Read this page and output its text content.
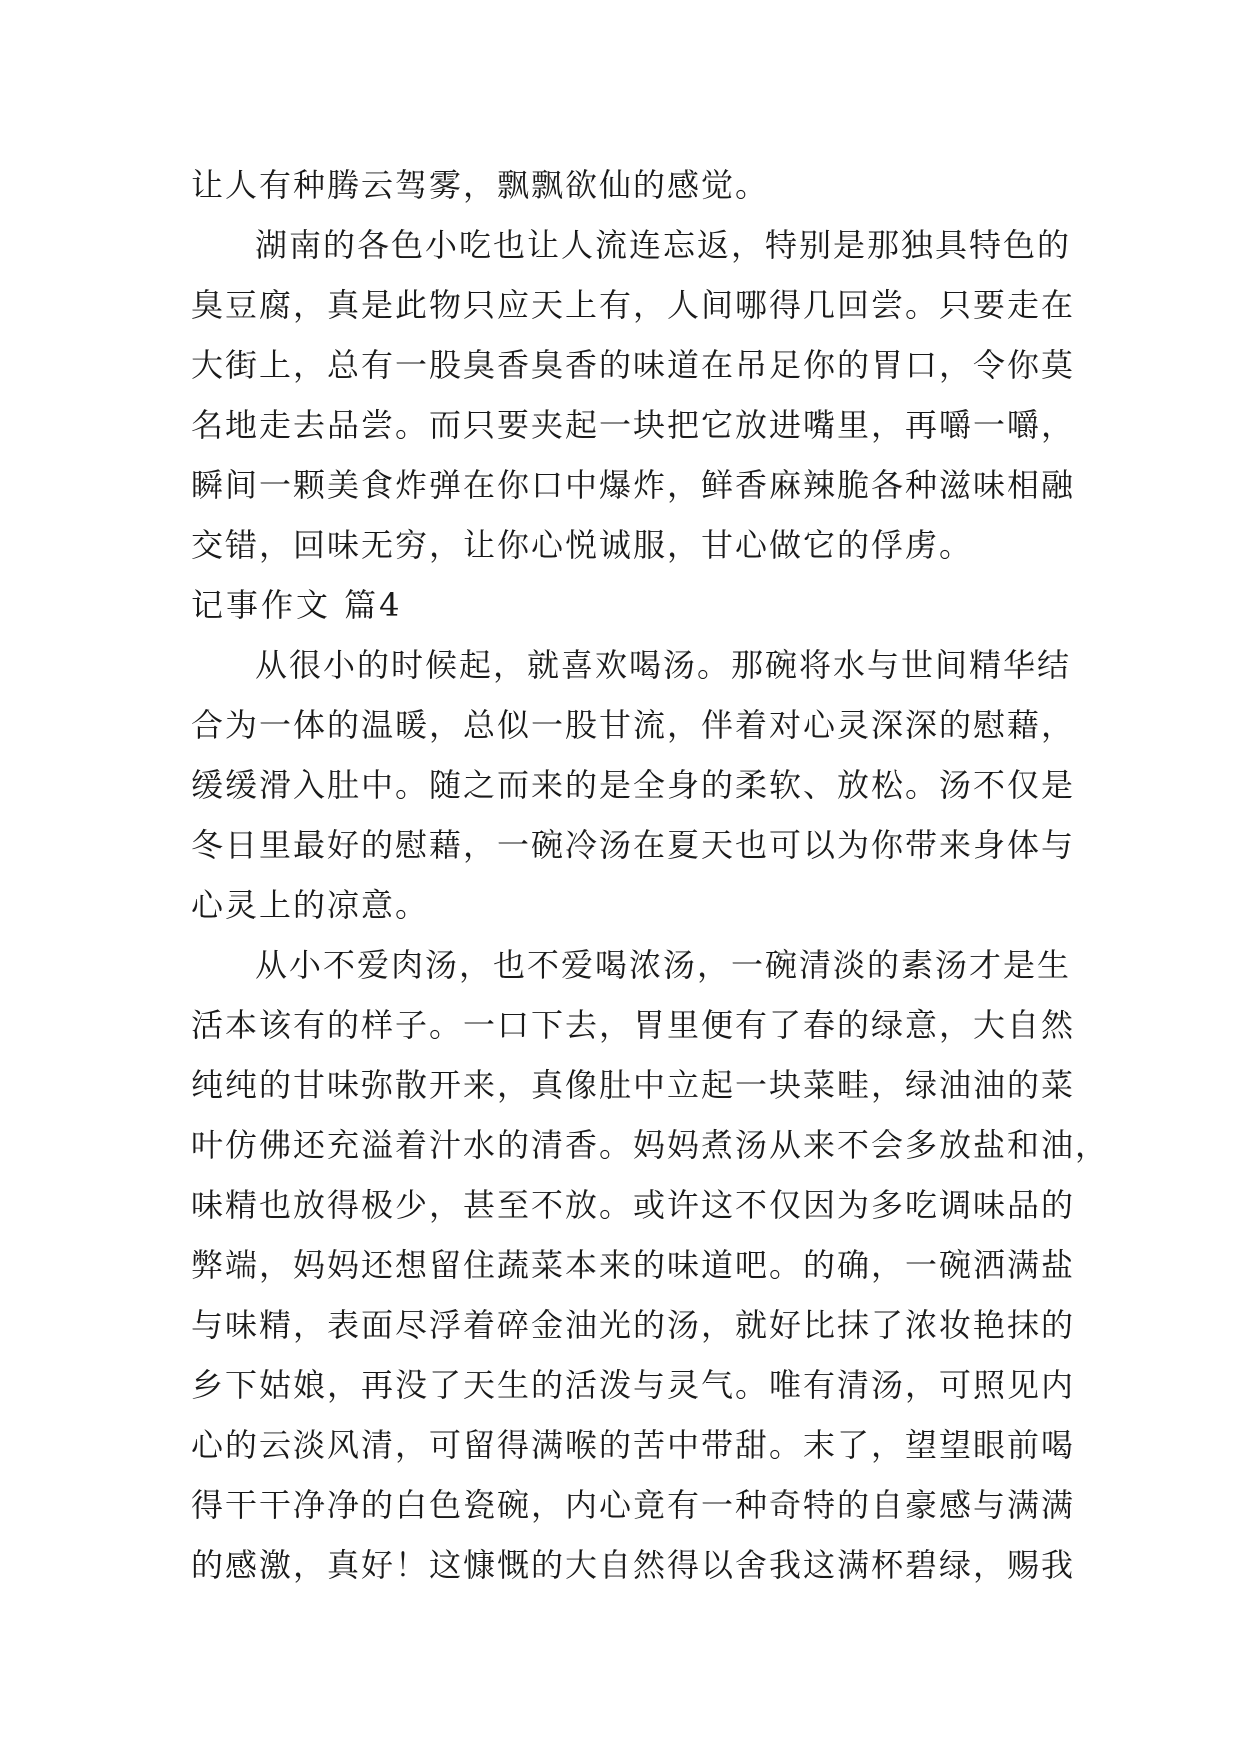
让人有种腾云驾雾，飘飘欲仙的感觉。
湖南的各色小吃也让人流连忘返，特别是那独具特色的
臭豆腐，真是此物只应天上有，人间哪得几回尝。只要走在
大街上，总有一股臭香臭香的味道在吊足你的胃口，令你莫
名地走去品尝。而只要夹起一块把它放进嘴里，再嚼一嚼，
瞬间一颗美食炸弹在你口中爆炸，鲜香麻辣脆各种滋味相融
交错，回味无穷，让你心悦诚服，甘心做它的俘虏。
记事作文 篇4
从很小的时候起，就喜欢喝汤。那碗将水与世间精华结
合为一体的温暖，总似一股甘流，伴着对心灵深深的慰藉，
缓缓滑入肚中。随之而来的是全身的柔软、放松。汤不仅是
冬日里最好的慰藉，一碗冷汤在夏天也可以为你带来身体与
心灵上的凉意。
从小不爱肉汤，也不爱喝浓汤，一碗清淡的素汤才是生
活本该有的样子。一口下去，胃里便有了春的绿意，大自然
纯纯的甘味弥散开来，真像肚中立起一块菜畦，绿油油的菜
叶仿佛还充溢着汁水的清香。妈妈煮汤从来不会多放盐和油，
味精也放得极少，甚至不放。或许这不仅因为多吃调味品的
弊端，妈妈还想留住蔬菜本来的味道吧。的确，一碗洒满盐
与味精，表面尽浮着碎金油光的汤，就好比抹了浓妆艳抹的
乡下姑娘，再没了天生的活泼与灵气。唯有清汤，可照见内
心的云淡风清，可留得满喉的苦中带甜。末了，望望眼前喝
得干干净净的白色瓷碗，内心竟有一种奇特的自豪感与满满
的感激，真好！这慷慨的大自然得以舍我这满杯碧绿，赐我
